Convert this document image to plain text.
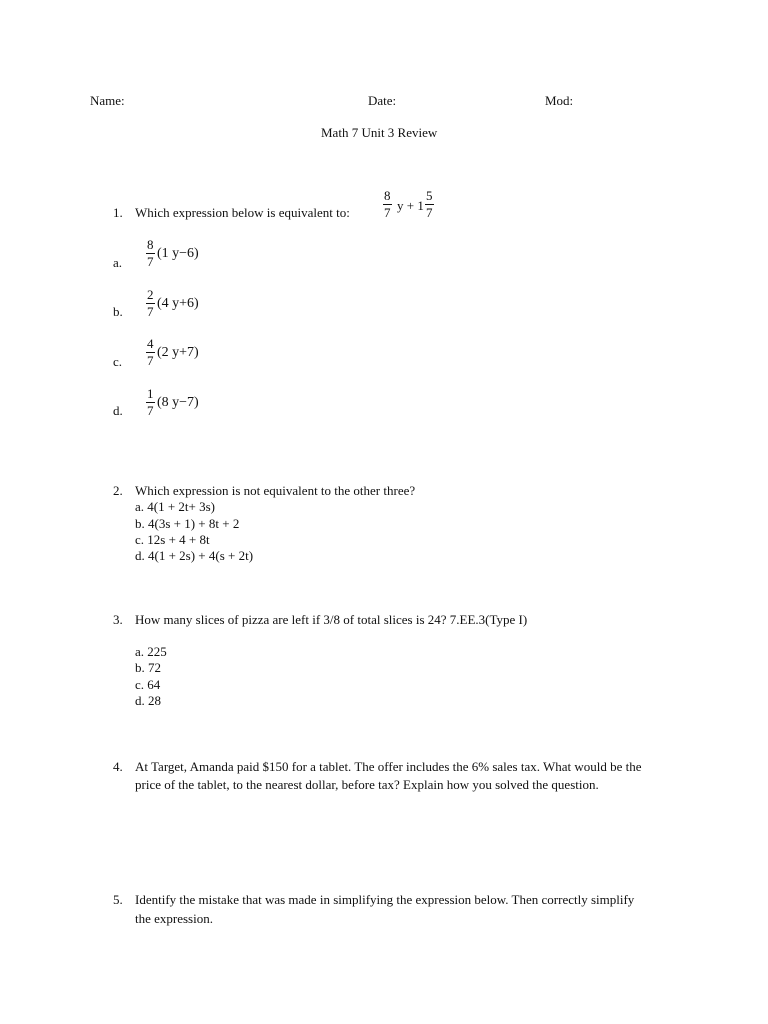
Name:	Date:	Mod:
Math 7 Unit 3 Review
1. Which expression below is equivalent to:	$\frac{8}{7}$ $y + 1 \frac{5}{7}$
a. $\frac{8}{7} (1$ y−6)
b. $\frac{2}{7} (4$ y+6)
c. $\frac{4}{7} (2$ y+7)
d. $\frac{1}{7} (8$ y−7)
2. Which expression is not equivalent to the other three?
a. 4(1 + 2t+ 3s)
b. 4(3s + 1) + 8t + 2
c. 12s + 4 + 8t
d. 4(1 + 2s) + 4(s + 2t)
3. How many slices of pizza are left if 3/8 of total slices is 24? 7.EE.3(Type I)
a. 225
b. 72
c. 64
d. 28
4. At Target, Amanda paid $150 for a tablet. The offer includes the 6% sales tax. What would be the
price of the tablet, to the nearest dollar, before tax? Explain how you solved the question.
5. Identify the mistake that was made in simplifying the expression below. Then correctly simplify
the expression.
